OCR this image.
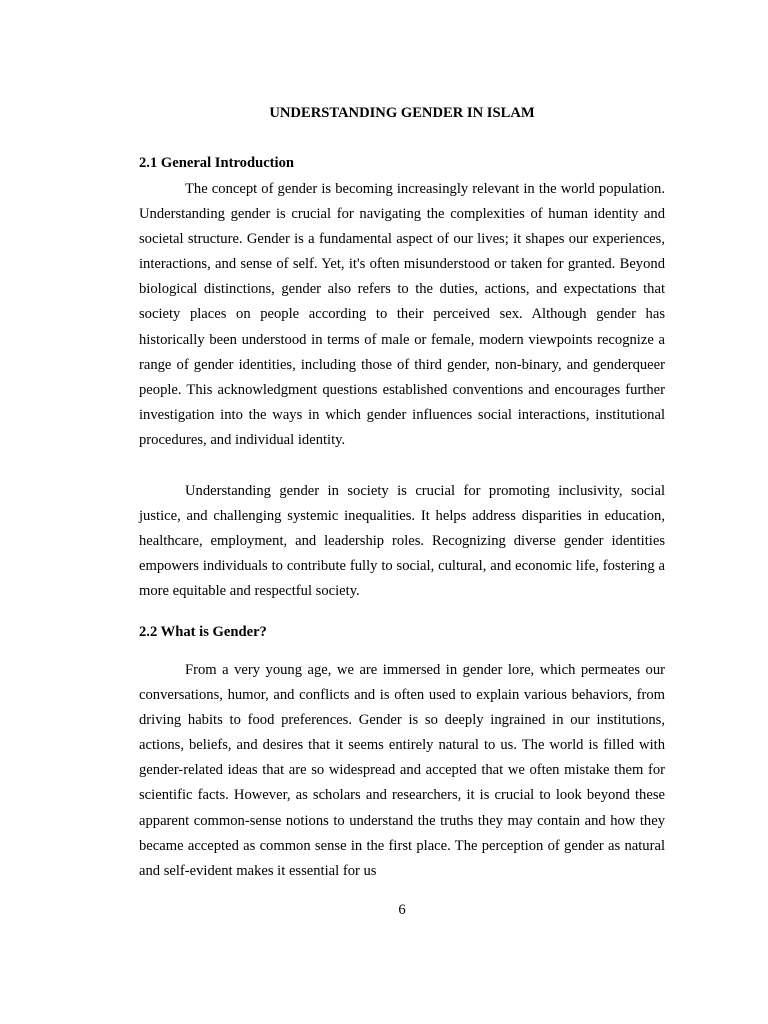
UNDERSTANDING GENDER IN ISLAM
2.1 General Introduction

The concept of gender is becoming increasingly relevant in the world population. Understanding gender is crucial for navigating the complexities of human identity and societal structure. Gender is a fundamental aspect of our lives; it shapes our experiences, interactions, and sense of self. Yet, it's often misunderstood or taken for granted. Beyond biological distinctions, gender also refers to the duties, actions, and expectations that society places on people according to their perceived sex. Although gender has historically been understood in terms of male or female, modern viewpoints recognize a range of gender identities, including those of third gender, non-binary, and genderqueer people. This acknowledgment questions established conventions and encourages further investigation into the ways in which gender influences social interactions, institutional procedures, and individual identity.

Understanding gender in society is crucial for promoting inclusivity, social justice, and challenging systemic inequalities. It helps address disparities in education, healthcare, employment, and leadership roles. Recognizing diverse gender identities empowers individuals to contribute fully to social, cultural, and economic life, fostering a more equitable and respectful society.

2.2 What is Gender?

From a very young age, we are immersed in gender lore, which permeates our conversations, humor, and conflicts and is often used to explain various behaviors, from driving habits to food preferences. Gender is so deeply ingrained in our institutions, actions, beliefs, and desires that it seems entirely natural to us. The world is filled with gender-related ideas that are so widespread and accepted that we often mistake them for scientific facts. However, as scholars and researchers, it is crucial to look beyond these apparent common-sense notions to understand the truths they may contain and how they became accepted as common sense in the first place. The perception of gender as natural and self-evident makes it essential for us

6
